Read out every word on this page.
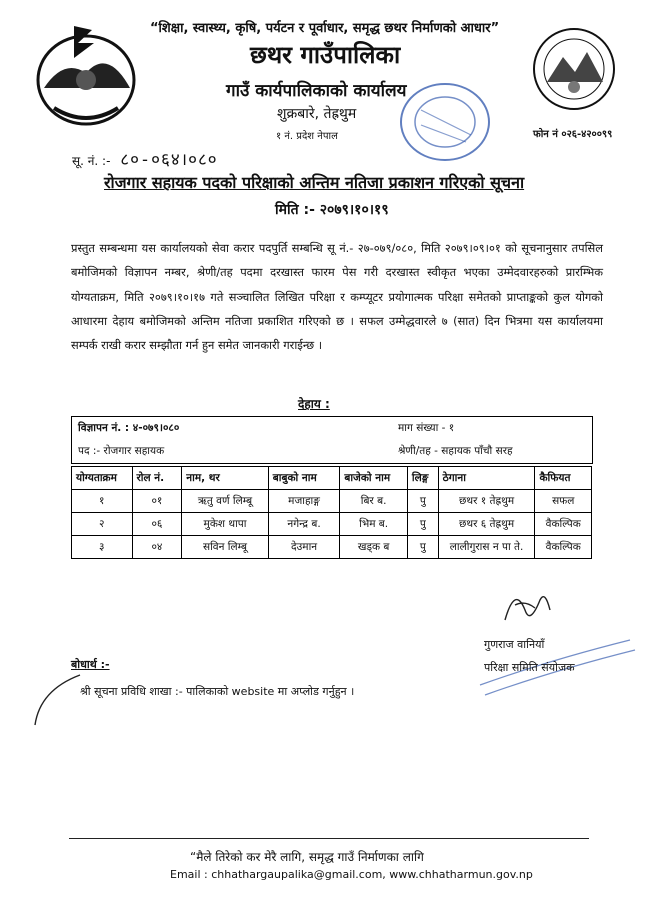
“शिक्षा, स्वास्थ्य, कृषि, पर्यटन र पूर्वाधार, समृद्ध छथर निर्माणको आधार”
छथर गाउँपालिका
गाउँ कार्यपालिकाको कार्यालय
शुक्रबारे, तेह्रथुम
१ नं. प्रदेश नेपाल	फोन नं ०२६-४२००९९
सू. नं. :- ८०-०६४।०८०
रोजगार सहायक पदको परिक्षाको अन्तिम नतिजा प्रकाशन गरिएको सूचना
मिति :- २०७९।१०।१९
प्रस्तुत सम्बन्धमा यस कार्यालयको सेवा करार पदपुर्ति सम्बन्धि सू नं.- २७-०७९/०८०, मिति २०७९।०९।०१ को सूचनानुसार तपसिल बमोजिमको विज्ञापन नम्बर, श्रेणी/तह पदमा दरखास्त फारम पेस गरी दरखास्त स्वीकृत भएका उम्मेदवारहरुको प्रारम्भिक योग्यताक्रम, मिति २०७९।१०।१७ गते सञ्चालित लिखित परिक्षा र कम्प्यूटर प्रयोगात्मक परिक्षा समेतको प्राप्ताङ्कको कुल योगको आधारमा देहाय बमोजिमको अन्तिम नतिजा प्रकाशित गरिएको छ । सफल उम्मेद्धवारले ७ (सात) दिन भित्रमा यस कार्यालयमा सम्पर्क राखी करार सम्झौता गर्न हुन समेत जानकारी गराईन्छ ।
देहाय :
विज्ञापन नं. : ४-०७९।०८०	माग संख्या - १
पद :- रोजगार सहायक	श्रेणी/तह - सहायक पाँचौ सरह
योग्यताक्रम	रोल नं.	नाम, थर	बाबुको नाम	बाजेको नाम	लिङ्ग	ठेगाना	कैफियत
१	०१	ऋतु वर्ण लिम्बू	मजाहाङ्ग	बिर ब.	पु	छथर १ तेह्रथुम	सफल
२	०६	मुकेश थापा	नगेन्द्र ब.	भिम ब.	पु	छथर ६ तेह्रथुम	वैकल्पिक
३	०४	सविन लिम्बू	देउमान	खड्क ब	पु	लालीगुरास न पा ते.	वैकल्पिक
गुणराज वानियाँ
परिक्षा समिति संयोजक
बोधार्थ :-
श्री सूचना प्रविधि शाखा :- पालिकाको website मा अप्लोड गर्नुहुन ।
“मैले तिरेको कर मेरै लागि, समृद्ध गाउँ निर्माणका लागि
Email : chhathargaupalika@gmail.com, www.chhatharmun.gov.np
